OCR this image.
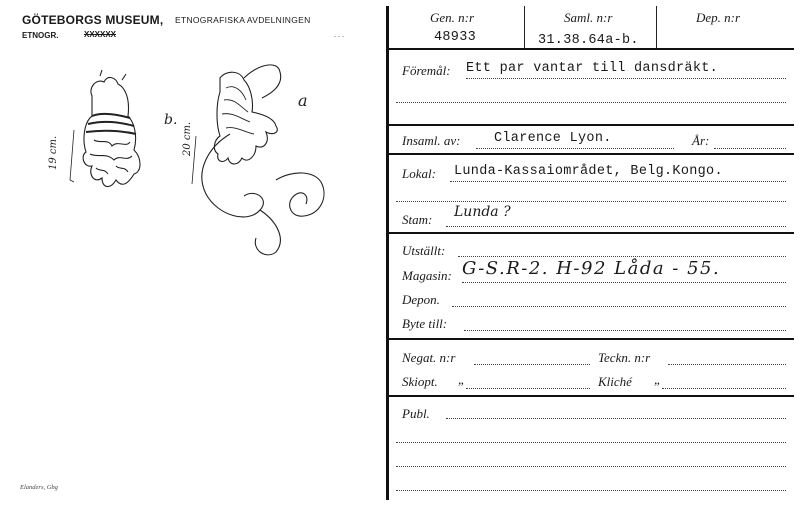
GÖTEBORGS MUSEUM, ETNOGRAFISKA AVDELNINGEN
ETNOGR.	XXXXXX
Elanders, Gbg
b.
a
19 cm.	20 cm.
...
Gen. n:r
48933
Saml. n:r
31.38.64a-b.
Dep. n:r
Föremål: Ett par vantar till dansdräkt.
Insaml. av: Clarence Lyon.	År:
Lokal: Lunda-Kassaiområdet, Belg.Kongo.
Stam: Lunda ?
Utställt:
Magasin: G-S.R-2. H-92 Låda - 55.
Depon.
Byte till:
Negat. n:r	Teckn. n:r
Skiopt. „	Kliché „
Publ.
